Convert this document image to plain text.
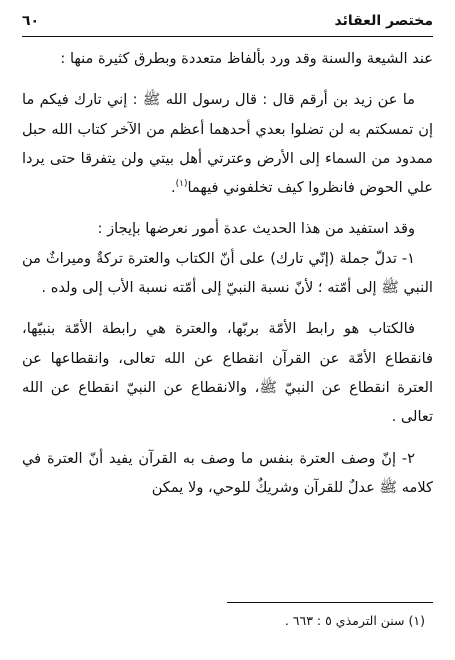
مختصر العقائد
٦٠

عند الشيعة والسنة وقد ورد بألفاظ متعددة وبطرق كثيرة منها :

ما عن زيد بن أرقم قال : قال رسول الله ﷺ : إني تارك فيكم ما إن تمسكتم به لن تضلوا بعدي أحدهما أعظم من الآخر كتاب الله حبل ممدود من السماء إلى الأرض وعترتي أهل بيتي ولن يتفرقا حتى يردا علي الحوض فانظروا كيف تخلفوني فيهما$^{(١)}$.

وقد استفيد من هذا الحديث عدة أمور نعرضها بإيجاز :

١- تدلّ جملة (إنّي تارك) على أنّ الكتاب والعترة تركةٌ وميراثٌ من النبي ﷺ إلى أمّته ؛ لأنّ نسبة النبيّ إلى أمّته نسبة الأب إلى ولده .

فالكتاب هو رابط الأمّة بربّها، والعترة هي رابطة الأمّة بنبيّها، فانقطاع الأمّة عن القرآن انقطاع عن الله تعالى، وانقطاعها عن العترة انقطاع عن النبيّ ﷺ، والانقطاع عن النبيّ انقطاع عن الله تعالى .

٢- إنّ وصف العترة بنفس ما وصف به القرآن يفيد أنّ العترة في كلامه ﷺ عدلٌ للقرآن وشريكٌ للوحي، ولا يمكن

(١) سنن الترمذي ٥ : ٦٦٣ .
